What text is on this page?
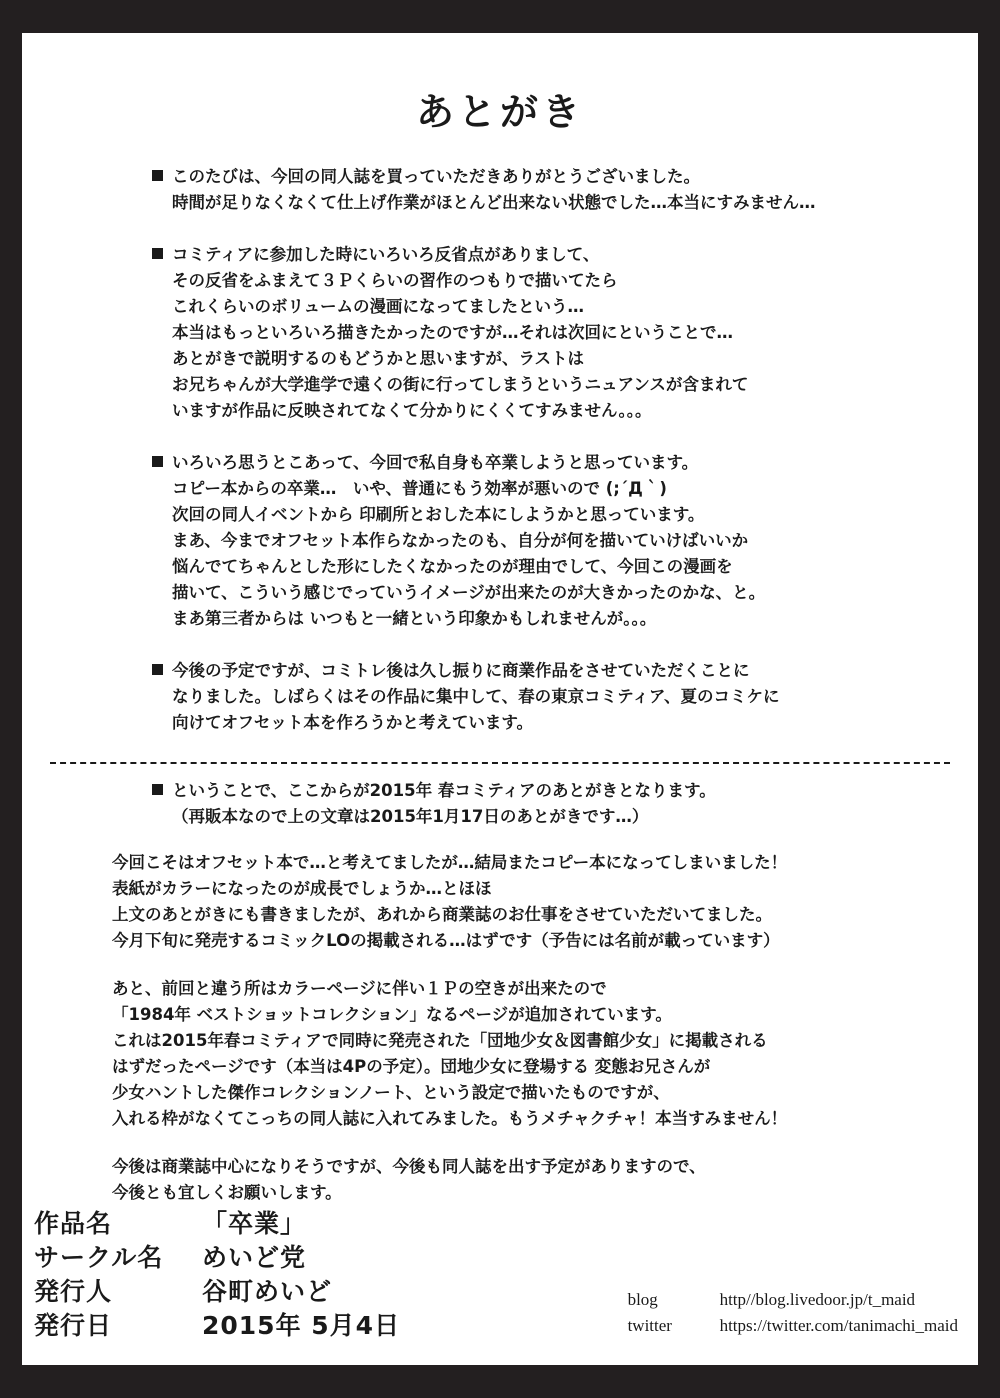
あとがき
このたびは、今回の同人誌を買っていただきありがとうございました。
時間が足りなくなくて仕上げ作業がほとんど出来ない状態でした…本当にすみません…
コミティアに参加した時にいろいろ反省点がありまして、
その反省をふまえて３Ｐくらいの習作のつもりで描いてたら
これくらいのボリュームの漫画になってましたという…
本当はもっといろいろ描きたかったのですが…それは次回にということで…
あとがきで説明するのもどうかと思いますが、ラストは
お兄ちゃんが大学進学で遠くの街に行ってしまうというニュアンスが含まれて
いますが作品に反映されてなくて分かりにくくてすみません。。。
いろいろ思うとこあって、今回で私自身も卒業しようと思っています。
コピー本からの卒業…　いや、普通にもう効率が悪いので (;´Д｀)
次回の同人イベントから 印刷所とおした本にしようかと思っています。
まあ、今までオフセット本作らなかったのも、自分が何を描いていけばいいか
悩んでてちゃんとした形にしたくなかったのが理由でして、今回この漫画を
描いて、こういう感じでっていうイメージが出来たのが大きかったのかな、と。
まあ第三者からは いつもと一緒という印象かもしれませんが。。。
今後の予定ですが、コミトレ後は久し振りに商業作品をさせていただくことに
なりました。しばらくはその作品に集中して、春の東京コミティア、夏のコミケに
向けてオフセット本を作ろうかと考えています。
ということで、ここからが2015年 春コミティアのあとがきとなります。
（再販本なので上の文章は2015年1月17日のあとがきです…）
今回こそはオフセット本で…と考えてましたが…結局またコピー本になってしまいました！
表紙がカラーになったのが成長でしょうか…とほほ
上文のあとがきにも書きましたが、あれから商業誌のお仕事をさせていただいてました。
今月下旬に発売するコミックLOの掲載される…はずです（予告には名前が載っています）
あと、前回と違う所はカラーページに伴い１Ｐの空きが出来たので
「1984年 ベストショットコレクション」なるページが追加されています。
これは2015年春コミティアで同時に発売された「団地少女＆図書館少女」に掲載される
はずだったページです（本当は4Pの予定）。団地少女に登場する 変態お兄さんが
少女ハントした傑作コレクションノート、という設定で描いたものですが、
入れる枠がなくてこっちの同人誌に入れてみました。もうメチャクチャ！本当すみません！
今後は商業誌中心になりそうですが、今後も同人誌を出す予定がありますので、
今後とも宜しくお願いします。
作品名	「卒業」
サークル名	めいど党
発行人	谷町めいど
発行日	2015年 5月4日
blog	http//blog.livedoor.jp/t_maid
twitter	https://twitter.com/tanimachi_maid
